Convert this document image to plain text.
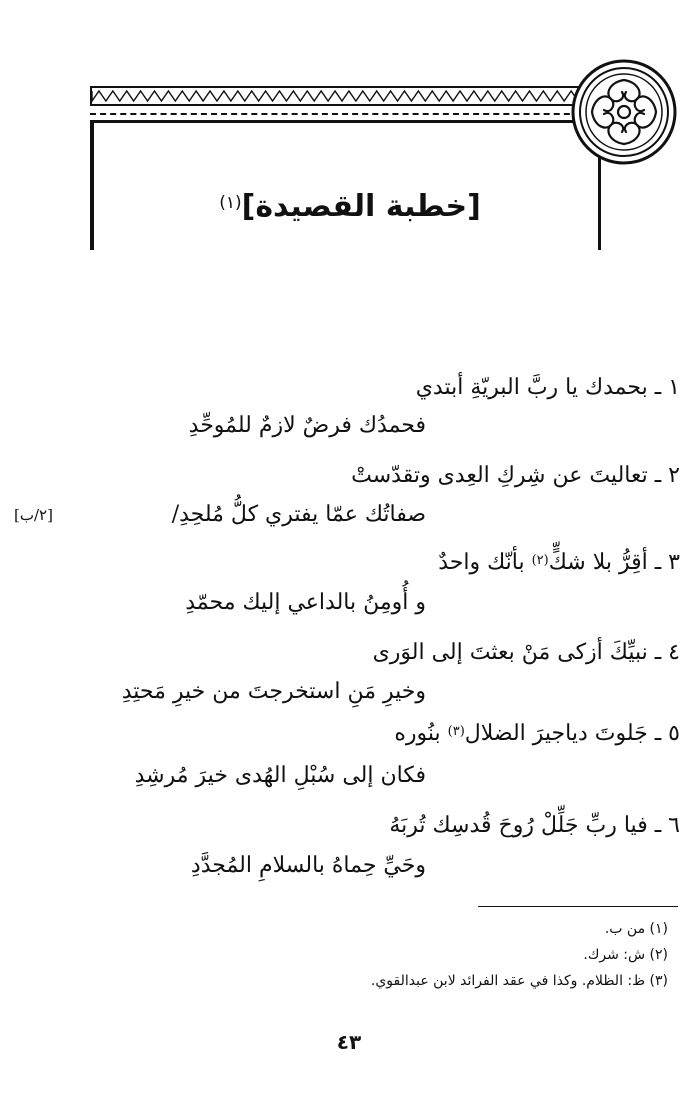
[خطبة القصيدة]$^{(١)}$
١ ـ بحمدك يا ربَّ البريّةِ أبتدي
فحمدُك فرضٌ لازمٌ للمُوحِّدِ
٢ ـ تعاليتَ عن شِركِ العِدى وتقدّستْ
صفاتُك عمّا يفتري كلُّ مُلحِدِ/
[٢/ب]
٣ ـ أقِرُّ بلا شكٍّ$^{(٢)}$ بأنّك واحدٌ
و أُومِنُ بالداعي إليك محمّدِ
٤ ـ نبيِّكَ أزكى مَنْ بعثتَ إلى الوَرى
وخيرِ مَنِ استخرجتَ من خيرِ مَحتِدِ
٥ ـ جَلوتَ دياجيرَ الضلال$^{(٣)}$ بنُوره
فكان إلى سُبْلِ الهُدى خيرَ مُرشِدِ
٦ ـ فيا ربِّ جَلِّلْ رُوحَ قُدسِك تُربَهُ
وحَيِّ حِماهُ بالسلامِ المُجدَّدِ
(١) من ب.
(٢) ش: شرك.
(٣) ظ: الظلام. وكذا في عقد الفرائد لابن عبدالقوي.
٤٣
